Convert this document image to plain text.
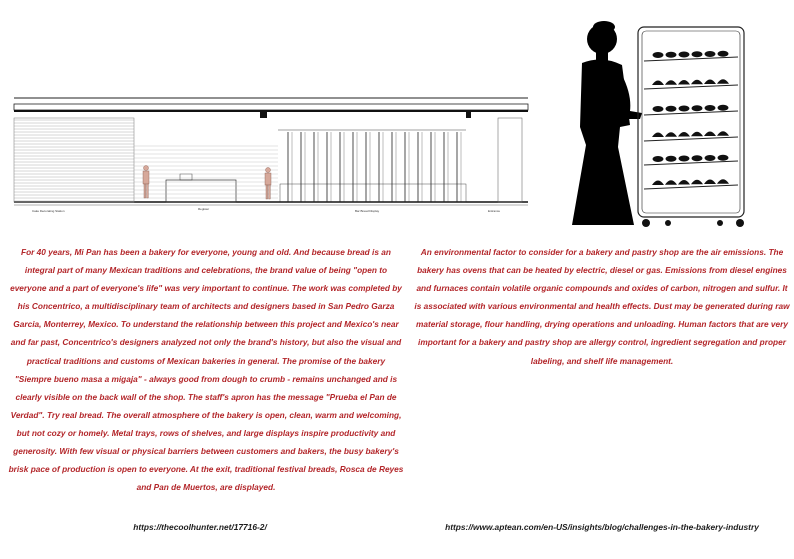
Cake Decorating Station	Register	Bar Bread Display	Entrance

For 40 years, Mi Pan has been a bakery for everyone, young and old. And because bread is an integral part of many Mexican traditions and celebrations, the brand value of being "open to everyone and a part of everyone's life" was very important to continue. The work was completed by his Concentrico, a multidisciplinary team of architects and designers based in San Pedro Garza Garcia, Monterrey, Mexico. To understand the relationship between this project and Mexico's near and far past, Concentrico's designers analyzed not only the brand's history, but also the visual and practical traditions and customs of Mexican bakeries in general. The promise of the bakery "Siempre bueno masa a migaja" - always good from dough to crumb - remains unchanged and is clearly visible on the back wall of the shop. The staff's apron has the message "Prueba el Pan de Verdad". Try real bread. The overall atmosphere of the bakery is open, clean, warm and welcoming, but not cozy or homely. Metal trays, rows of shelves, and large displays inspire productivity and generosity. With few visual or physical barriers between customers and bakers, the busy bakery's brisk pace of production is open to everyone. At the exit, traditional festival breads, Rosca de Reyes and Pan de Muertos, are displayed.

An environmental factor to consider for a bakery and pastry shop are the air emissions. The bakery has ovens that can be heated by electric, diesel or gas. Emissions from diesel engines and furnaces contain volatile organic compounds and oxides of carbon, nitrogen and sulfur. It is associated with various environmental and health effects. Dust may be generated during raw material storage, flour handling, drying operations and unloading. Human factors that are very important for a bakery and pastry shop are allergy control, ingredient segregation and proper labeling, and shelf life management.

https://thecoolhunter.net/17716-2/	https://www.aptean.com/en-US/insights/blog/challenges-in-the-bakery-industry
